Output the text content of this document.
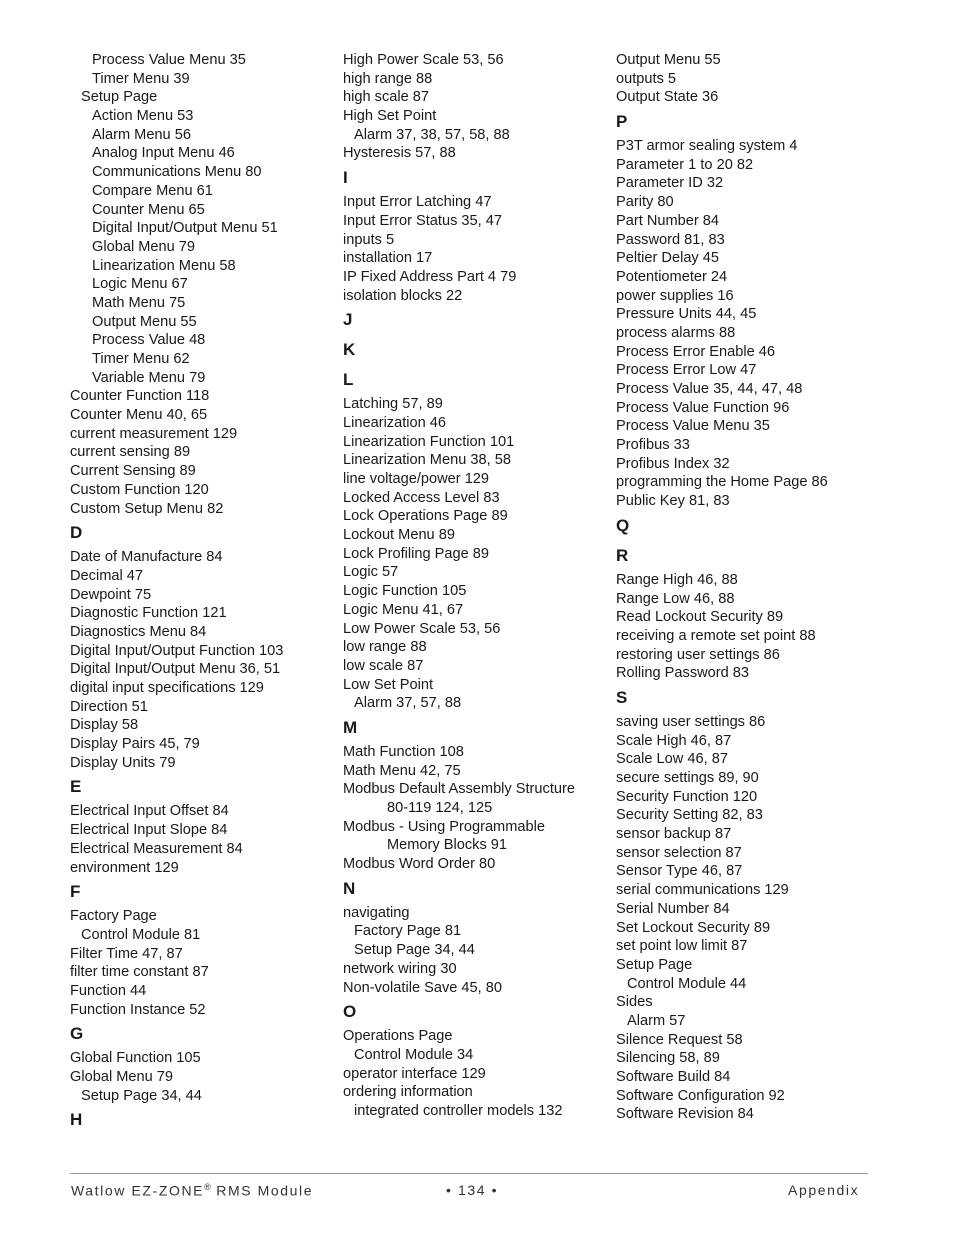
Process Value Menu 35
Timer Menu 39
Setup Page
Action Menu 53
Alarm Menu 56
Analog Input Menu 46
Communications Menu 80
Compare Menu 61
Counter Menu 65
Digital Input/Output Menu 51
Global Menu 79
Linearization Menu 58
Logic Menu 67
Math Menu 75
Output Menu 55
Process Value 48
Timer Menu 62
Variable Menu 79
Counter Function 118
Counter Menu 40, 65
current measurement 129
current sensing 89
Current Sensing 89
Custom Function 120
Custom Setup Menu 82
D
Date of Manufacture 84
Decimal 47
Dewpoint 75
Diagnostic Function 121
Diagnostics Menu 84
Digital Input/Output Function 103
Digital Input/Output Menu 36, 51
digital input specifications 129
Direction 51
Display 58
Display Pairs 45, 79
Display Units 79
E
Electrical Input Offset 84
Electrical Input Slope 84
Electrical Measurement 84
environment 129
F
Factory Page
Control Module 81
Filter Time 47, 87
filter time constant 87
Function 44
Function Instance 52
G
Global Function 105
Global Menu 79
Setup Page 34, 44
H
High Power Scale 53, 56
high range 88
high scale 87
High Set Point
Alarm 37, 38, 57, 58, 88
Hysteresis 57, 88
I
Input Error Latching 47
Input Error Status 35, 47
inputs 5
installation 17
IP Fixed Address Part 4 79
isolation blocks 22
J
K
L
Latching 57, 89
Linearization 46
Linearization Function 101
Linearization Menu 38, 58
line voltage/power 129
Locked Access Level 83
Lock Operations Page 89
Lockout Menu 89
Lock Profiling Page 89
Logic 57
Logic Function 105
Logic Menu 41, 67
Low Power Scale 53, 56
low range 88
low scale 87
Low Set Point
Alarm 37, 57, 88
M
Math Function 108
Math Menu 42, 75
Modbus Default Assembly Structure
80-119 124, 125
Modbus - Using Programmable
Memory Blocks 91
Modbus Word Order 80
N
navigating
Factory Page 81
Setup Page 34, 44
network wiring 30
Non-volatile Save 45, 80
O
Operations Page
Control Module 34
operator interface 129
ordering information
integrated controller models 132
Output Menu 55
outputs 5
Output State 36
P
P3T armor sealing system 4
Parameter 1 to 20 82
Parameter ID 32
Parity 80
Part Number 84
Password 81, 83
Peltier Delay 45
Potentiometer 24
power supplies 16
Pressure Units 44, 45
process alarms 88
Process Error Enable 46
Process Error Low 47
Process Value 35, 44, 47, 48
Process Value Function 96
Process Value Menu 35
Profibus 33
Profibus Index 32
programming the Home Page 86
Public Key 81, 83
Q
R
Range High 46, 88
Range Low 46, 88
Read Lockout Security 89
receiving a remote set point 88
restoring user settings 86
Rolling Password 83
S
saving user settings 86
Scale High 46, 87
Scale Low 46, 87
secure settings 89, 90
Security Function 120
Security Setting 82, 83
sensor backup 87
sensor selection 87
Sensor Type 46, 87
serial communications 129
Serial Number 84
Set Lockout Security 89
set point low limit 87
Setup Page
Control Module 44
Sides
Alarm 57
Silence Request 58
Silencing 58, 89
Software Build 84
Software Configuration 92
Software Revision 84
Watlow EZ-ZONE® RMS Module	• 134 •	Appendix
